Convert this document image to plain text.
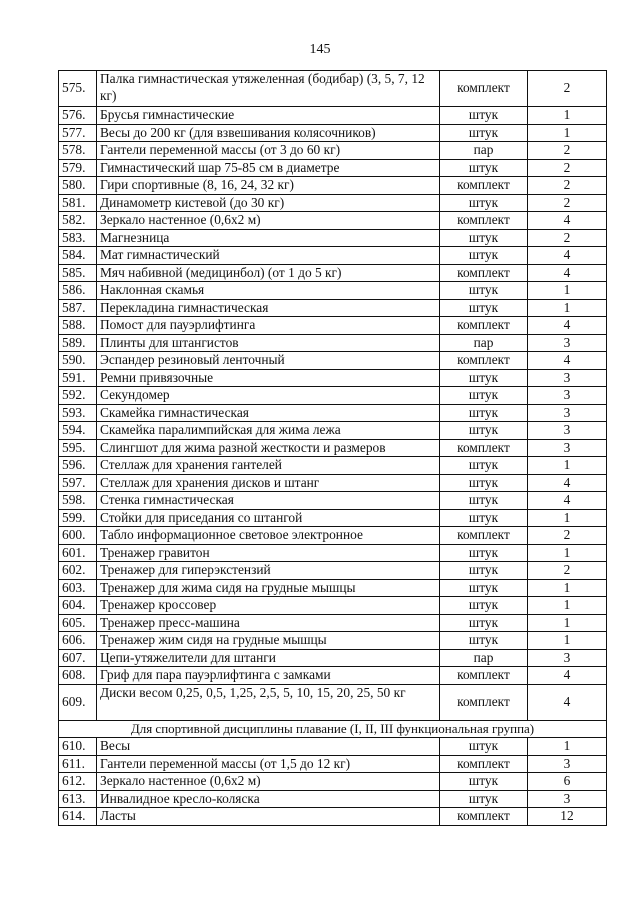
145
575.	Палка гимнастическая утяжеленная (бодибар) (3, 5, 7, 12 кг)	комплект	2
576.	Брусья гимнастические	штук	1
577.	Весы до 200 кг (для взвешивания колясочников)	штук	1
578.	Гантели переменной массы (от 3 до 60 кг)	пар	2
579.	Гимнастический шар 75-85 см в диаметре	штук	2
580.	Гири спортивные (8, 16, 24, 32 кг)	комплект	2
581.	Динамометр кистевой (до 30 кг)	штук	2
582.	Зеркало настенное (0,6x2 м)	комплект	4
583.	Магнезница	штук	2
584.	Мат гимнастический	штук	4
585.	Мяч набивной (медицинбол) (от 1 до 5 кг)	комплект	4
586.	Наклонная скамья	штук	1
587.	Перекладина гимнастическая	штук	1
588.	Помост для пауэрлифтинга	комплект	4
589.	Плинты для штангистов	пар	3
590.	Эспандер резиновый ленточный	комплект	4
591.	Ремни привязочные	штук	3
592.	Секундомер	штук	3
593.	Скамейка гимнастическая	штук	3
594.	Скамейка паралимпийская для жима лежа	штук	3
595.	Слингшот для жима разной жесткости и размеров	комплект	3
596.	Стеллаж для хранения гантелей	штук	1
597.	Стеллаж для хранения дисков и штанг	штук	4
598.	Стенка гимнастическая	штук	4
599.	Стойки для приседания со штангой	штук	1
600.	Табло информационное световое электронное	комплект	2
601.	Тренажер гравитон	штук	1
602.	Тренажер для гиперэкстензий	штук	2
603.	Тренажер для жима сидя на грудные мышцы	штук	1
604.	Тренажер кроссовер	штук	1
605.	Тренажер пресс-машина	штук	1
606.	Тренажер жим сидя на грудные мышцы	штук	1
607.	Цепи-утяжелители для штанги	пар	3
608.	Гриф для пара пауэрлифтинга с замками	комплект	4
609.	Диски весом 0,25, 0,5, 1,25, 2,5, 5, 10, 15, 20, 25, 50 кг	комплект	4
Для спортивной дисциплины плавание (I, II, III функциональная группа)			
610.	Весы	штук	1
611.	Гантели переменной массы (от 1,5 до 12 кг)	комплект	3
612.	Зеркало настенное (0,6x2 м)	штук	6
613.	Инвалидное кресло-коляска	штук	3
614.	Ласты	комплект	12
